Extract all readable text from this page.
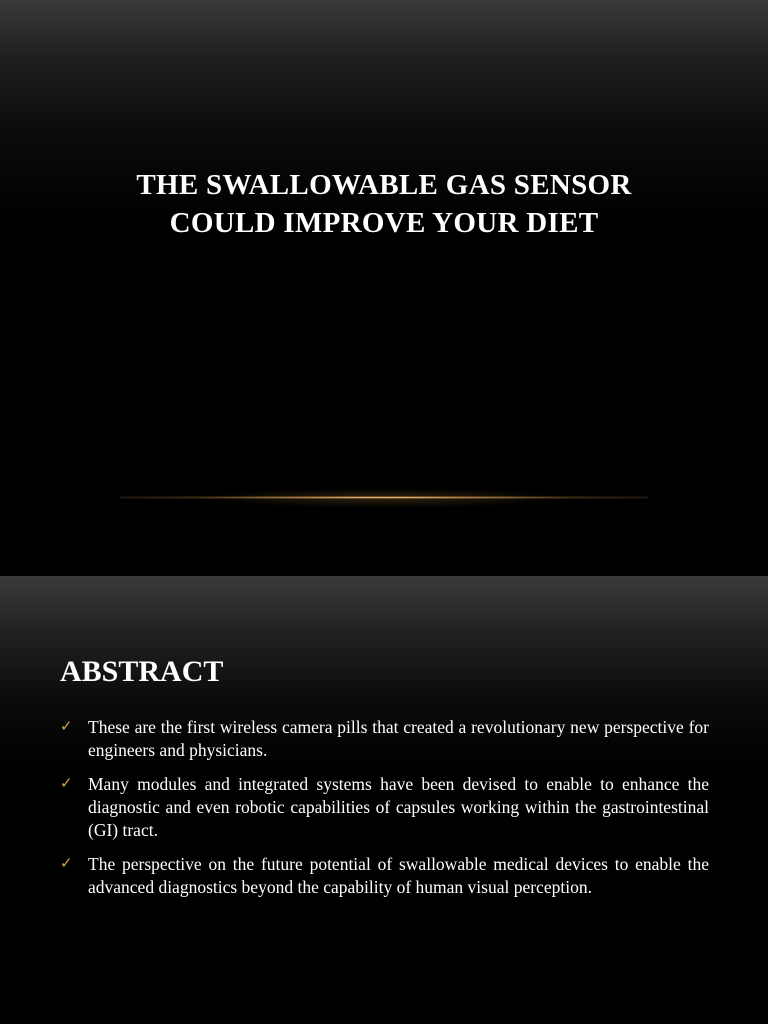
THE SWALLOWABLE GAS SENSOR
COULD IMPROVE YOUR DIET
ABSTRACT
✓ These are the first wireless camera pills that created a revolutionary new perspective for engineers and physicians.
✓ Many modules and integrated systems have been devised to enable to enhance the diagnostic and even robotic capabilities of capsules working within the gastrointestinal (GI) tract.
✓ The perspective on the future potential of swallowable medical devices to enable the advanced diagnostics beyond the capability of human visual perception.
